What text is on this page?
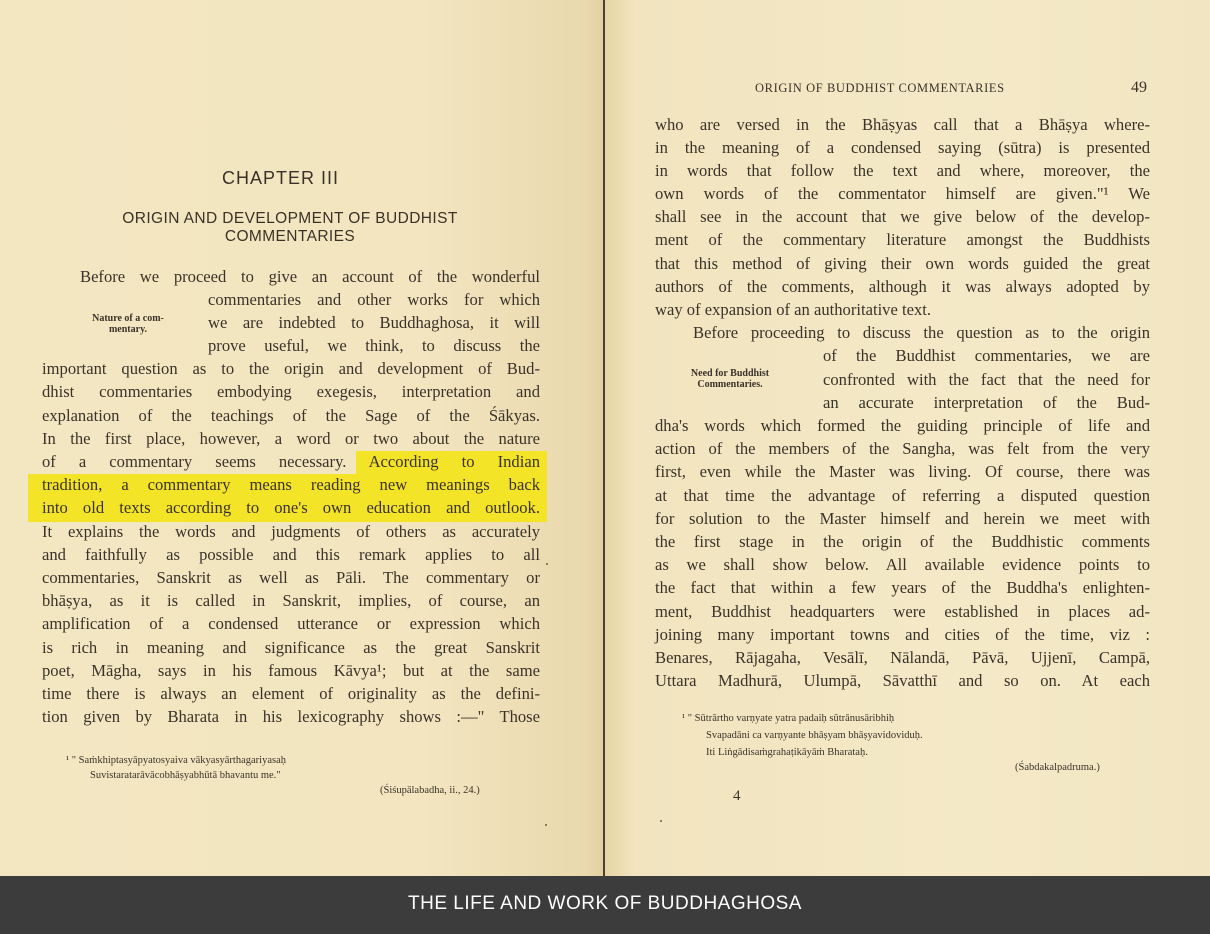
CHAPTER III
ORIGIN AND DEVELOPMENT OF BUDDHIST
COMMENTARIES
Nature of a com-
mentary.
Before we proceed to give an account of the wonderful
commentaries and other works for which
we are indebted to Buddhaghosa, it will
prove useful, we think, to discuss the
important question as to the origin and development of Bud-
dhist commentaries embodying exegesis, interpretation and
explanation of the teachings of the Sage of the Śākyas.
In the first place, however, a word or two about the nature
of a commentary seems necessary. According to Indian
tradition, a commentary means reading new meanings back
into old texts according to one's own education and outlook.
It explains the words and judgments of others as accurately
and faithfully as possible and this remark applies to all
commentaries, Sanskrit as well as Pāli. The commentary or
bhāṣya, as it is called in Sanskrit, implies, of course, an
amplification of a condensed utterance or expression which
is rich in meaning and significance as the great Sanskrit
poet, Māgha, says in his famous Kāvya¹; but at the same
time there is always an element of originality as the defini-
tion given by Bharata in his lexicography shows :—" Those
¹ " Saṁkhiptasyāpyatosyaiva vākyasyārthagariyasaḥ
Suvistaratarāvācobhāṣyabhūtā bhavantu me."
(Śiśupālabadha, ii., 24.)
ORIGIN OF BUDDHIST COMMENTARIES	49
Need for Buddhist
Commentaries.
who are versed in the Bhāṣyas call that a Bhāṣya where-
in the meaning of a condensed saying (sūtra) is presented
in words that follow the text and where, moreover, the
own words of the commentator himself are given."¹ We
shall see in the account that we give below of the develop-
ment of the commentary literature amongst the Buddhists
that this method of giving their own words guided the great
authors of the comments, although it was always adopted by
way of expansion of an authoritative text.
Before proceeding to discuss the question as to the origin
of the Buddhist commentaries, we are
confronted with the fact that the need for
an accurate interpretation of the Bud-
dha's words which formed the guiding principle of life and
action of the members of the Sangha, was felt from the very
first, even while the Master was living. Of course, there was
at that time the advantage of referring a disputed question
for solution to the Master himself and herein we meet with
the first stage in the origin of the Buddhistic comments
as we shall show below. All available evidence points to
the fact that within a few years of the Buddha's enlighten-
ment, Buddhist headquarters were established in places ad-
joining many important towns and cities of the time, viz :
Benares, Rājagaha, Vesālī, Nālandā, Pāvā, Ujjenī, Campā,
Uttara Madhurā, Ulumpā, Sāvatthī and so on. At each
¹ " Sūtrārtho varṇyate yatra padaiḥ sūtrānusāribhiḥ
Svapadāni ca varṇyante bhāṣyam bhāṣyavidoviduḥ.
Iti Liṅgādisaṁgrahaṭikāyāṁ Bharataḥ.
(Śabdakalpadruma.)
4
THE LIFE AND WORK OF BUDDHAGHOSA
